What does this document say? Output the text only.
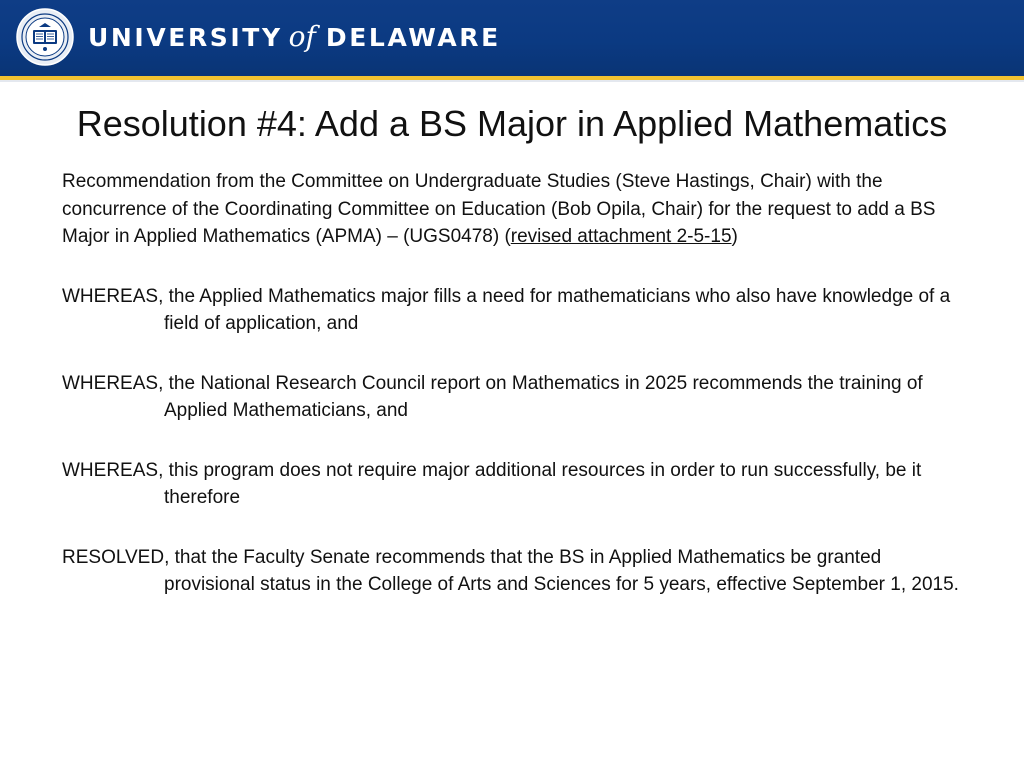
UNIVERSITY of DELAWARE
Resolution #4: Add a BS Major in Applied Mathematics

Recommendation from the Committee on Undergraduate Studies (Steve Hastings, Chair) with the concurrence of the Coordinating Committee on Education (Bob Opila, Chair) for the request to add a BS Major in Applied Mathematics (APMA) – (UGS0478) (revised attachment 2-5-15)

WHEREAS, the Applied Mathematics major fills a need for mathematicians who also have knowledge of a field of application, and

WHEREAS, the National Research Council report on Mathematics in 2025 recommends the training of Applied Mathematicians, and

WHEREAS, this program does not require major additional resources in order to run successfully, be it therefore

RESOLVED, that the Faculty Senate recommends that the BS in Applied Mathematics be granted provisional status in the College of Arts and Sciences for 5 years, effective September 1, 2015.
